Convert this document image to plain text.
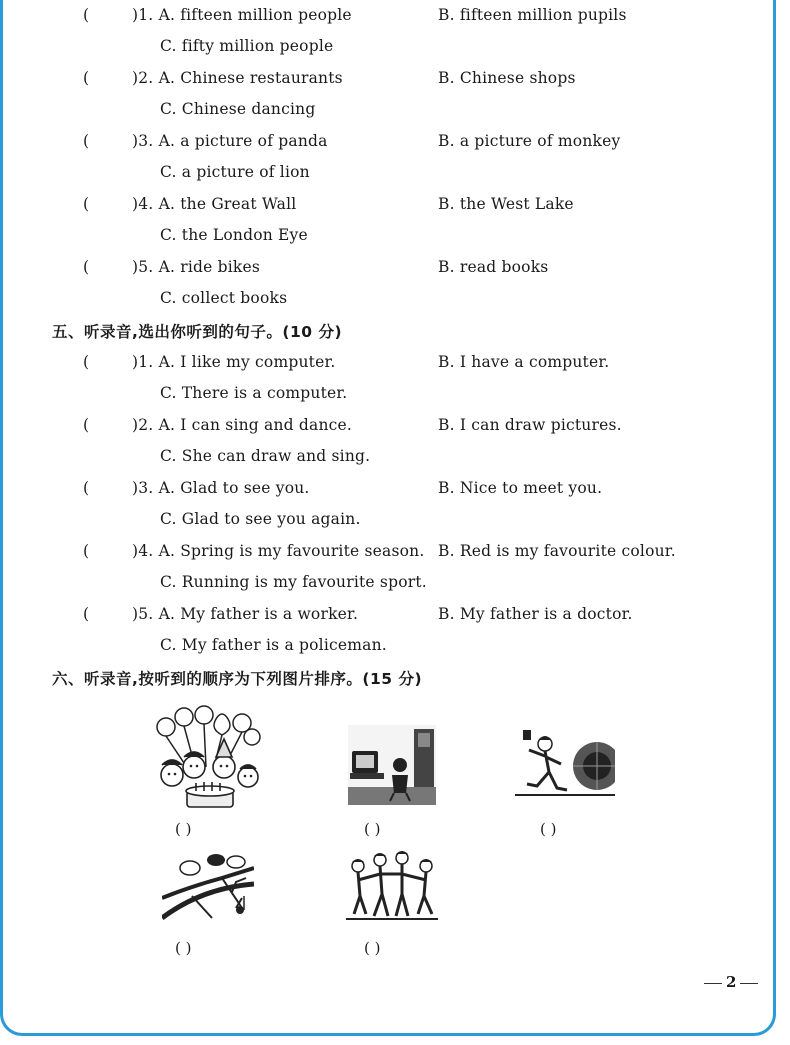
(	)1. A. fifteen million people	B. fifteen million pupils
C. fifty million people
(	)2. A. Chinese restaurants	B. Chinese shops
C. Chinese dancing
(	)3. A. a picture of panda	B. a picture of monkey
C. a picture of lion
(	)4. A. the Great Wall	B. the West Lake
C. the London Eye
(	)5. A. ride bikes	B. read books
C. collect books
五、听录音,选出你听到的句子。(10 分)
(	)1. A. I like my computer.	B. I have a computer.
C. There is a computer.
(	)2. A. I can sing and dance.	B. I can draw pictures.
C. She can draw and sing.
(	)3. A. Glad to see you.	B. Nice to meet you.
C. Glad to see you again.
(	)4. A. Spring is my favourite season. B. Red is my favourite colour.
C. Running is my favourite sport.
(	)5. A. My father is a worker.	B. My father is a doctor.
C. My father is a policeman.
六、听录音,按听到的顺序为下列图片排序。(15 分)
( )	( )	( )
( )	( )
2
